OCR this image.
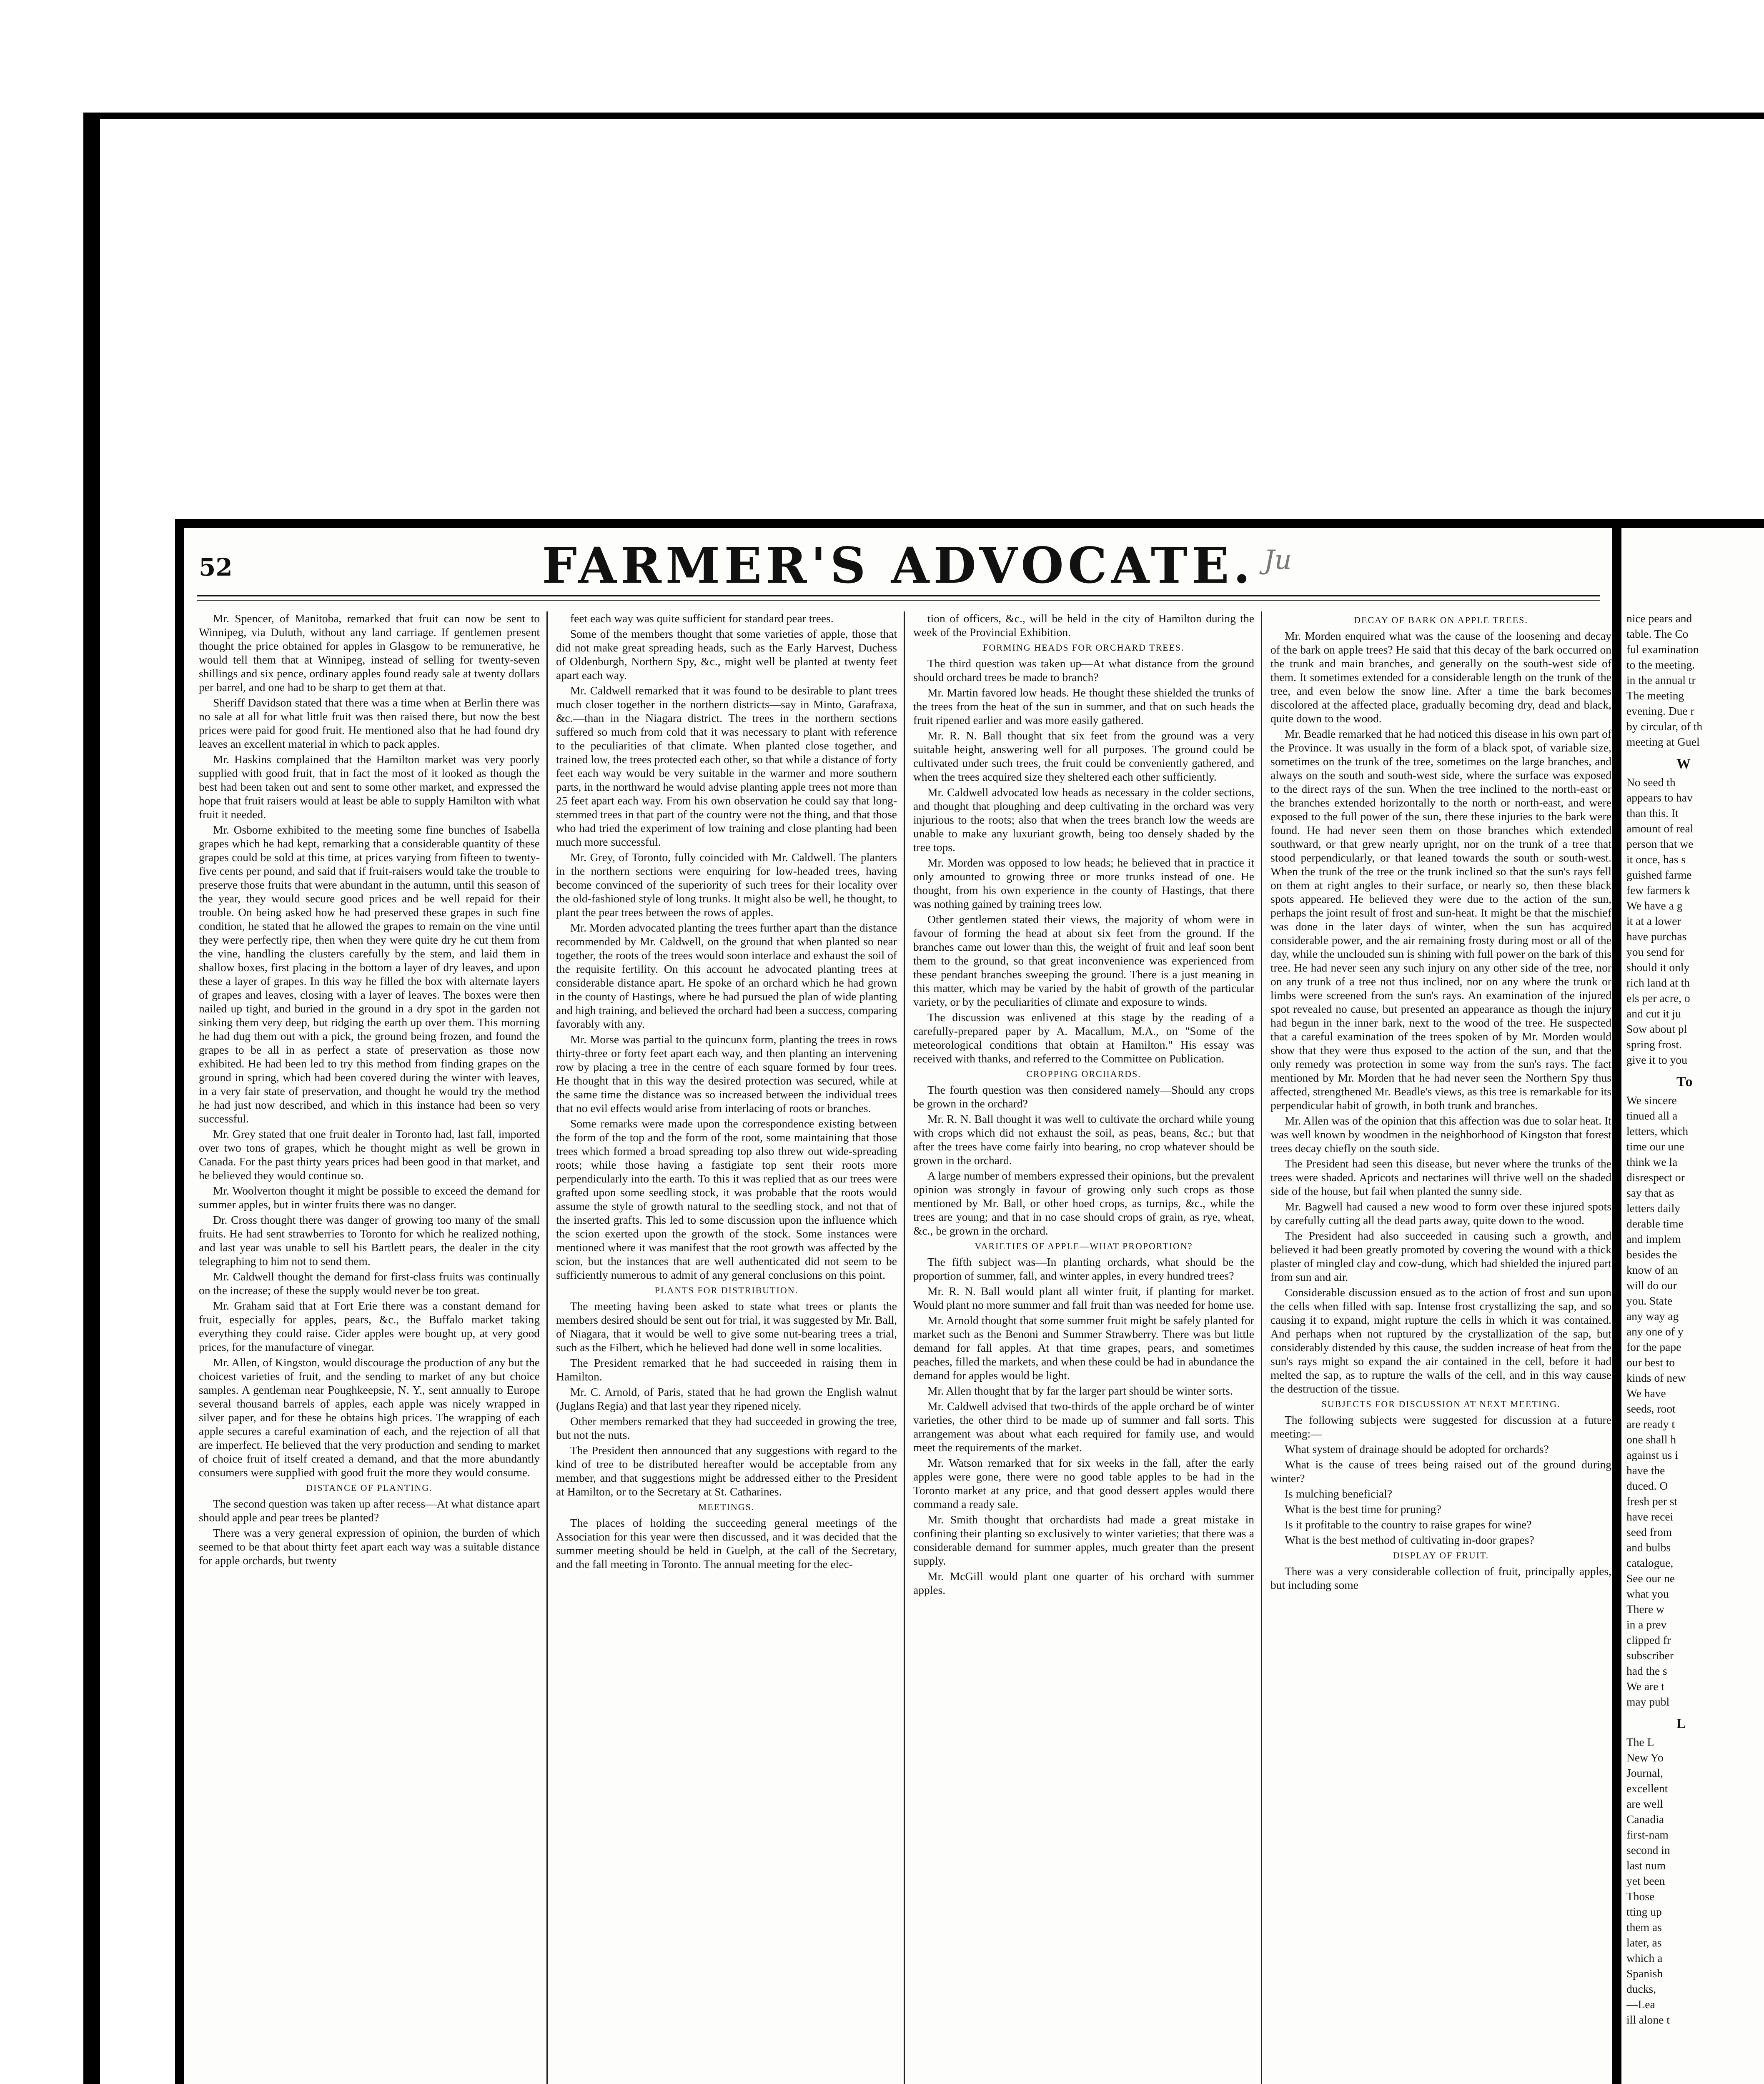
52	FARMER'S ADVOCATE. Ju

Mr. Spencer, of Manitoba, remarked that fruit can now be sent to Winnipeg, via Duluth, without any land carriage. If gentlemen present thought the price obtained for apples in Glasgow to be remunerative, he would tell them that at Winnipeg, instead of selling for twenty-seven shillings and six pence, ordinary apples found ready sale at twenty dollars per barrel, and one had to be sharp to get them at that.

Sheriff Davidson stated that there was a time when at Berlin there was no sale at all for what little fruit was then raised there, but now the best prices were paid for good fruit. He mentioned also that he had found dry leaves an excellent material in which to pack apples.

Mr. Haskins complained that the Hamilton market was very poorly supplied with good fruit, that in fact the most of it looked as though the best had been taken out and sent to some other market, and expressed the hope that fruit raisers would at least be able to supply Hamilton with what fruit it needed.

Mr. Osborne exhibited to the meeting some fine bunches of Isabella grapes which he had kept, remarking that a considerable quantity of these grapes could be sold at this time, at prices varying from fifteen to twenty-five cents per pound, and said that if fruit-raisers would take the trouble to preserve those fruits that were abundant in the autumn, until this season of the year, they would secure good prices and be well repaid for their trouble. On being asked how he had preserved these grapes in such fine condition, he stated that he allowed the grapes to remain on the vine until they were perfectly ripe, then when they were quite dry he cut them from the vine, handling the clusters carefully by the stem, and laid them in shallow boxes, first placing in the bottom a layer of dry leaves, and upon these a layer of grapes. In this way he filled the box with alternate layers of grapes and leaves, closing with a layer of leaves. The boxes were then nailed up tight, and buried in the ground in a dry spot in the garden not sinking them very deep, but ridging the earth up over them. This morning he had dug them out with a pick, the ground being frozen, and found the grapes to be all in as perfect a state of preservation as those now exhibited. He had been led to try this method from finding grapes on the ground in spring, which had been covered during the winter with leaves, in a very fair state of preservation, and thought he would try the method he had just now described, and which in this instance had been so very successful.

Mr. Grey stated that one fruit dealer in Toronto had, last fall, imported over two tons of grapes, which he thought might as well be grown in Canada. For the past thirty years prices had been good in that market, and he believed they would continue so.

Mr. Woolverton thought it might be possible to exceed the demand for summer apples, but in winter fruits there was no danger.

Dr. Cross thought there was danger of growing too many of the small fruits. He had sent strawberries to Toronto for which he realized nothing, and last year was unable to sell his Bartlett pears, the dealer in the city telegraphing to him not to send them.

Mr. Caldwell thought the demand for first-class fruits was continually on the increase; of these the supply would never be too great.

Mr. Graham said that at Fort Erie there was a constant demand for fruit, especially for apples, pears, &c., the Buffalo market taking everything they could raise. Cider apples were bought up, at very good prices, for the manufacture of vinegar.

Mr. Allen, of Kingston, would discourage the production of any but the choicest varieties of fruit, and the sending to market of any but choice samples. A gentleman near Poughkeepsie, N. Y., sent annually to Europe several thousand barrels of apples, each apple was nicely wrapped in silver paper, and for these he obtains high prices. The wrapping of each apple secures a careful examination of each, and the rejection of all that are imperfect. He believed that the very production and sending to market of choice fruit of itself created a demand, and that the more abundantly consumers were supplied with good fruit the more they would consume.

DISTANCE OF PLANTING.

The second question was taken up after recess—At what distance apart should apple and pear trees be planted?

There was a very general expression of opinion, the burden of which seemed to be that about thirty feet apart each way was a suitable distance for apple orchards, but twenty

feet each way was quite sufficient for standard pear trees.

Some of the members thought that some varieties of apple, those that did not make great spreading heads, such as the Early Harvest, Duchess of Oldenburgh, Northern Spy, &c., might well be planted at twenty feet apart each way.

Mr. Caldwell remarked that it was found to be desirable to plant trees much closer together in the northern districts—say in Minto, Garafraxa, &c.—than in the Niagara district. The trees in the northern sections suffered so much from cold that it was necessary to plant with reference to the peculiarities of that climate. When planted close together, and trained low, the trees protected each other, so that while a distance of forty feet each way would be very suitable in the warmer and more southern parts, in the northward he would advise planting apple trees not more than 25 feet apart each way. From his own observation he could say that long-stemmed trees in that part of the country were not the thing, and that those who had tried the experiment of low training and close planting had been much more successful.

Mr. Grey, of Toronto, fully coincided with Mr. Caldwell. The planters in the northern sections were enquiring for low-headed trees, having become convinced of the superiority of such trees for their locality over the old-fashioned style of long trunks. It might also be well, he thought, to plant the pear trees between the rows of apples.

Mr. Morden advocated planting the trees further apart than the distance recommended by Mr. Caldwell, on the ground that when planted so near together, the roots of the trees would soon interlace and exhaust the soil of the requisite fertility. On this account he advocated planting trees at considerable distance apart. He spoke of an orchard which he had grown in the county of Hastings, where he had pursued the plan of wide planting and high training, and believed the orchard had been a success, comparing favorably with any.

Mr. Morse was partial to the quincunx form, planting the trees in rows thirty-three or forty feet apart each way, and then planting an intervening row by placing a tree in the centre of each square formed by four trees. He thought that in this way the desired protection was secured, while at the same time the distance was so increased between the individual trees that no evil effects would arise from interlacing of roots or branches.

Some remarks were made upon the correspondence existing between the form of the top and the form of the root, some maintaining that those trees which formed a broad spreading top also threw out wide-spreading roots; while those having a fastigiate top sent their roots more perpendicularly into the earth. To this it was replied that as our trees were grafted upon some seedling stock, it was probable that the roots would assume the style of growth natural to the seedling stock, and not that of the inserted grafts. This led to some discussion upon the influence which the scion exerted upon the growth of the stock. Some instances were mentioned where it was manifest that the root growth was affected by the scion, but the instances that are well authenticated did not seem to be sufficiently numerous to admit of any general conclusions on this point.

PLANTS FOR DISTRIBUTION.

The meeting having been asked to state what trees or plants the members desired should be sent out for trial, it was suggested by Mr. Ball, of Niagara, that it would be well to give some nut-bearing trees a trial, such as the Filbert, which he believed had done well in some localities.

The President remarked that he had succeeded in raising them in Hamilton.

Mr. C. Arnold, of Paris, stated that he had grown the English walnut (Juglans Regia) and that last year they ripened nicely.

Other members remarked that they had succeeded in growing the tree, but not the nuts.

The President then announced that any suggestions with regard to the kind of tree to be distributed hereafter would be acceptable from any member, and that suggestions might be addressed either to the President at Hamilton, or to the Secretary at St. Catharines.

MEETINGS.

The places of holding the succeeding general meetings of the Association for this year were then discussed, and it was decided that the summer meeting should be held in Guelph, at the call of the Secretary, and the fall meeting in Toronto. The annual meeting for the elec-

tion of officers, &c., will be held in the city of Hamilton during the week of the Provincial Exhibition.

FORMING HEADS FOR ORCHARD TREES.

The third question was taken up—At what distance from the ground should orchard trees be made to branch?

Mr. Martin favored low heads. He thought these shielded the trunks of the trees from the heat of the sun in summer, and that on such heads the fruit ripened earlier and was more easily gathered.

Mr. R. N. Ball thought that six feet from the ground was a very suitable height, answering well for all purposes. The ground could be cultivated under such trees, the fruit could be conveniently gathered, and when the trees acquired size they sheltered each other sufficiently.

Mr. Caldwell advocated low heads as necessary in the colder sections, and thought that ploughing and deep cultivating in the orchard was very injurious to the roots; also that when the trees branch low the weeds are unable to make any luxuriant growth, being too densely shaded by the tree tops.

Mr. Morden was opposed to low heads; he believed that in practice it only amounted to growing three or more trunks instead of one. He thought, from his own experience in the county of Hastings, that there was nothing gained by training trees low.

Other gentlemen stated their views, the majority of whom were in favour of forming the head at about six feet from the ground. If the branches came out lower than this, the weight of fruit and leaf soon bent them to the ground, so that great inconvenience was experienced from these pendant branches sweeping the ground. There is a just meaning in this matter, which may be varied by the habit of growth of the particular variety, or by the peculiarities of climate and exposure to winds.

The discussion was enlivened at this stage by the reading of a carefully-prepared paper by A. Macallum, M.A., on "Some of the meteorological conditions that obtain at Hamilton." His essay was received with thanks, and referred to the Committee on Publication.

CROPPING ORCHARDS.

The fourth question was then considered namely—Should any crops be grown in the orchard?

Mr. R. N. Ball thought it was well to cultivate the orchard while young with crops which did not exhaust the soil, as peas, beans, &c.; but that after the trees have come fairly into bearing, no crop whatever should be grown in the orchard.

A large number of members expressed their opinions, but the prevalent opinion was strongly in favour of growing only such crops as those mentioned by Mr. Ball, or other hoed crops, as turnips, &c., while the trees are young; and that in no case should crops of grain, as rye, wheat, &c., be grown in the orchard.

VARIETIES OF APPLE—WHAT PROPORTION?

The fifth subject was—In planting orchards, what should be the proportion of summer, fall, and winter apples, in every hundred trees?

Mr. R. N. Ball would plant all winter fruit, if planting for market. Would plant no more summer and fall fruit than was needed for home use.

Mr. Arnold thought that some summer fruit might be safely planted for market such as the Benoni and Summer Strawberry. There was but little demand for fall apples. At that time grapes, pears, and sometimes peaches, filled the markets, and when these could be had in abundance the demand for apples would be light.

Mr. Allen thought that by far the larger part should be winter sorts.

Mr. Caldwell advised that two-thirds of the apple orchard be of winter varieties, the other third to be made up of summer and fall sorts. This arrangement was about what each required for family use, and would meet the requirements of the market.

Mr. Watson remarked that for six weeks in the fall, after the early apples were gone, there were no good table apples to be had in the Toronto market at any price, and that good dessert apples would there command a ready sale.

Mr. Smith thought that orchardists had made a great mistake in confining their planting so exclusively to winter varieties; that there was a considerable demand for summer apples, much greater than the present supply.

Mr. McGill would plant one quarter of his orchard with summer apples.

DECAY OF BARK ON APPLE TREES.

Mr. Morden enquired what was the cause of the loosening and decay of the bark on apple trees? He said that this decay of the bark occurred on the trunk and main branches, and generally on the south-west side of them. It sometimes extended for a considerable length on the trunk of the tree, and even below the snow line. After a time the bark becomes discolored at the affected place, gradually becoming dry, dead and black, quite down to the wood.

Mr. Beadle remarked that he had noticed this disease in his own part of the Province. It was usually in the form of a black spot, of variable size, sometimes on the trunk of the tree, sometimes on the large branches, and always on the south and south-west side, where the surface was exposed to the direct rays of the sun. When the tree inclined to the north-east or the branches extended horizontally to the north or north-east, and were exposed to the full power of the sun, there these injuries to the bark were found. He had never seen them on those branches which extended southward, or that grew nearly upright, nor on the trunk of a tree that stood perpendicularly, or that leaned towards the south or south-west. When the trunk of the tree or the trunk inclined so that the sun's rays fell on them at right angles to their surface, or nearly so, then these black spots appeared. He believed they were due to the action of the sun, perhaps the joint result of frost and sun-heat. It might be that the mischief was done in the later days of winter, when the sun has acquired considerable power, and the air remaining frosty during most or all of the day, while the unclouded sun is shining with full power on the bark of this tree. He had never seen any such injury on any other side of the tree, nor on any trunk of a tree not thus inclined, nor on any where the trunk or limbs were screened from the sun's rays. An examination of the injured spot revealed no cause, but presented an appearance as though the injury had begun in the inner bark, next to the wood of the tree. He suspected that a careful examination of the trees spoken of by Mr. Morden would show that they were thus exposed to the action of the sun, and that the only remedy was protection in some way from the sun's rays. The fact mentioned by Mr. Morden that he had never seen the Northern Spy thus affected, strengthened Mr. Beadle's views, as this tree is remarkable for its perpendicular habit of growth, in both trunk and branches.

Mr. Allen was of the opinion that this affection was due to solar heat. It was well known by woodmen in the neighborhood of Kingston that forest trees decay chiefly on the south side.

The President had seen this disease, but never where the trunks of the trees were shaded. Apricots and nectarines will thrive well on the shaded side of the house, but fail when planted the sunny side.

Mr. Bagwell had caused a new wood to form over these injured spots by carefully cutting all the dead parts away, quite down to the wood.

The President had also succeeded in causing such a growth, and believed it had been greatly promoted by covering the wound with a thick plaster of mingled clay and cow-dung, which had shielded the injured part from sun and air.

Considerable discussion ensued as to the action of frost and sun upon the cells when filled with sap. Intense frost crystallizing the sap, and so causing it to expand, might rupture the cells in which it was contained. And perhaps when not ruptured by the crystallization of the sap, but considerably distended by this cause, the sudden increase of heat from the sun's rays might so expand the air contained in the cell, before it had melted the sap, as to rupture the walls of the cell, and in this way cause the destruction of the tissue.

SUBJECTS FOR DISCUSSION AT NEXT MEETING.

The following subjects were suggested for discussion at a future meeting:—

What system of drainage should be adopted for orchards?

What is the cause of trees being raised out of the ground during winter?

Is mulching beneficial?

What is the best time for pruning?

Is it profitable to the country to raise grapes for wine?

What is the best method of cultivating in-door grapes?

DISPLAY OF FRUIT.

There was a very considerable collection of fruit, principally apples, but including some

nice pears and

table. The Co

ful examination

to the meeting.

in the annual tr

The meeting

evening. Due r

by circular, of th

meeting at Guel

W

No seed th

appears to hav

than this. It

amount of real

person that we

it once, has s

guished farme

few farmers k

We have a g

it at a lower

have purchas

you send for

should it only

rich land at th

els per acre, o

and cut it ju

Sow about pl

spring frost.

give it to you

To

We sincere

tinued all a

letters, which

time our une

think we la

disrespect or

say that as

letters daily

derable time

and implem

besides the

know of an

will do our

you. State

any way ag

any one of y

for the pape

our best to

kinds of new

We have

seeds, root

are ready t

one shall h

against us i

have the

duced. O

fresh per st

have recei

seed from

and bulbs

catalogue,

See our ne

what you

There w

in a prev

clipped fr

subscriber

had the s

We are t

may publ

L

The L

New Yo

Journal,

excellent

are well

Canadia

first-nam

second in

last num

yet been

Those

tting up

them as

later, as

which a

Spanish

ducks,

—Lea

ill alone t
